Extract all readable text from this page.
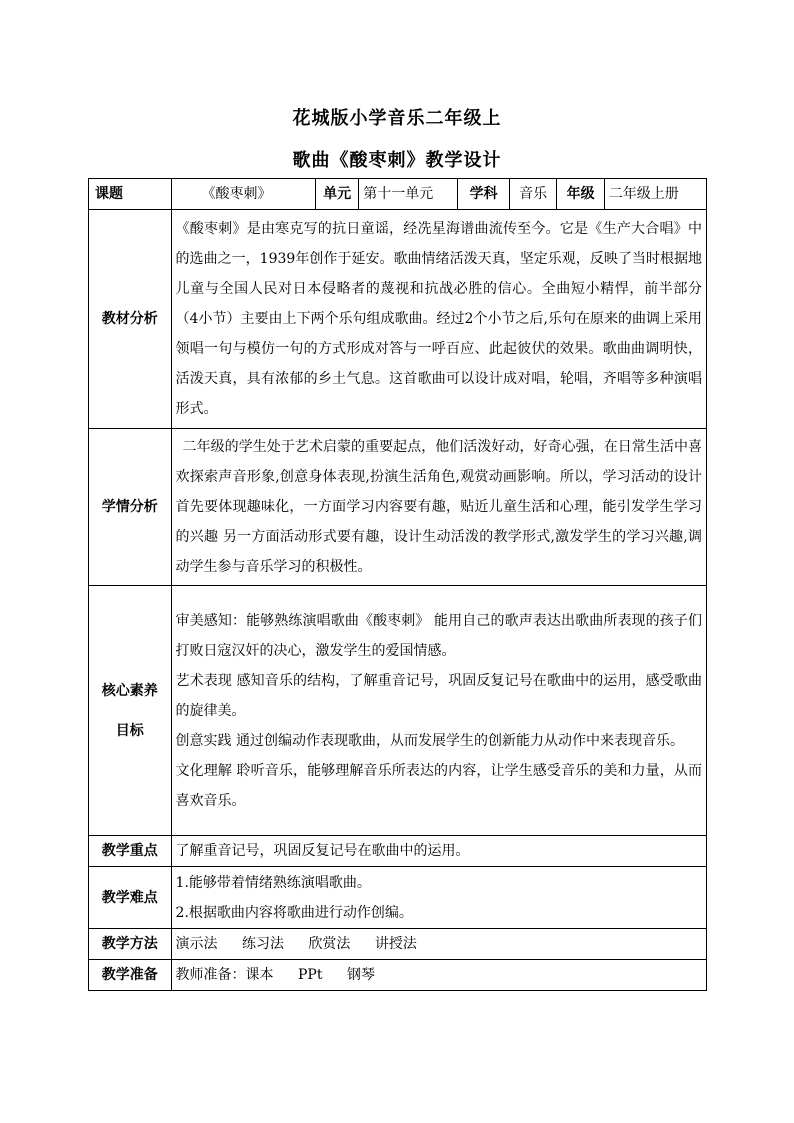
花城版小学音乐二年级上
歌曲《酸枣刺》教学设计
课题	《酸枣刺》	单元	第十一单元	学科	音乐	年级	二年级上册
教材分析	《酸枣刺》是由寒克写的抗日童谣，经冼星海谱曲流传至今。它是《生产大合唱》中的选曲之一，1939年创作于延安。歌曲情绪活泼天真，坚定乐观，反映了当时根据地儿童与全国人民对日本侵略者的蔑视和抗战必胜的信心。全曲短小精悍，前半部分（4小节）主要由上下两个乐句组成歌曲。经过2个小节之后,乐句在原来的曲调上采用领唱一句与模仿一句的方式形成对答与一呼百应、此起彼伏的效果。歌曲曲调明快，活泼天真，具有浓郁的乡土气息。这首歌曲可以设计成对唱，轮唱，齐唱等多种演唱形式。						

学情分析	二年级的学生处于艺术启蒙的重要起点，他们活泼好动，好奇心强，在日常生活中喜欢探索声音形象,创意身体表现,扮演生活角色,观赏动画影响。所以，学习活动的设计首先要体现趣味化，一方面学习内容要有趣，贴近儿童生活和心理，能引发学生学习的兴趣 另一方面活动形式要有趣，设计生动活泼的教学形式,激发学生的学习兴趣,调动学生参与音乐学习的积极性。						

核心素养
目标	审美感知：能够熟练演唱歌曲《酸枣刺》 能用自己的歌声表达出歌曲所表现的孩子们打败日寇汉奸的决心，激发学生的爱国情感。
艺术表现 感知音乐的结构，了解重音记号，巩固反复记号在歌曲中的运用，感受歌曲的旋律美。
创意实践 通过创编动作表现歌曲，从而发展学生的创新能力从动作中来表现音乐。
文化理解 聆听音乐，能够理解音乐所表达的内容，让学生感受音乐的美和力量，从而喜欢音乐。						

教学重点	了解重音记号，巩固反复记号在歌曲中的运用。						
教学难点	1.能够带着情绪熟练演唱歌曲。
2.根据歌曲内容将歌曲进行动作创编。						

教学方法	演示法 练习法 欣赏法 讲授法						
教学准备	教师准备：课本 PPt 钢琴						
